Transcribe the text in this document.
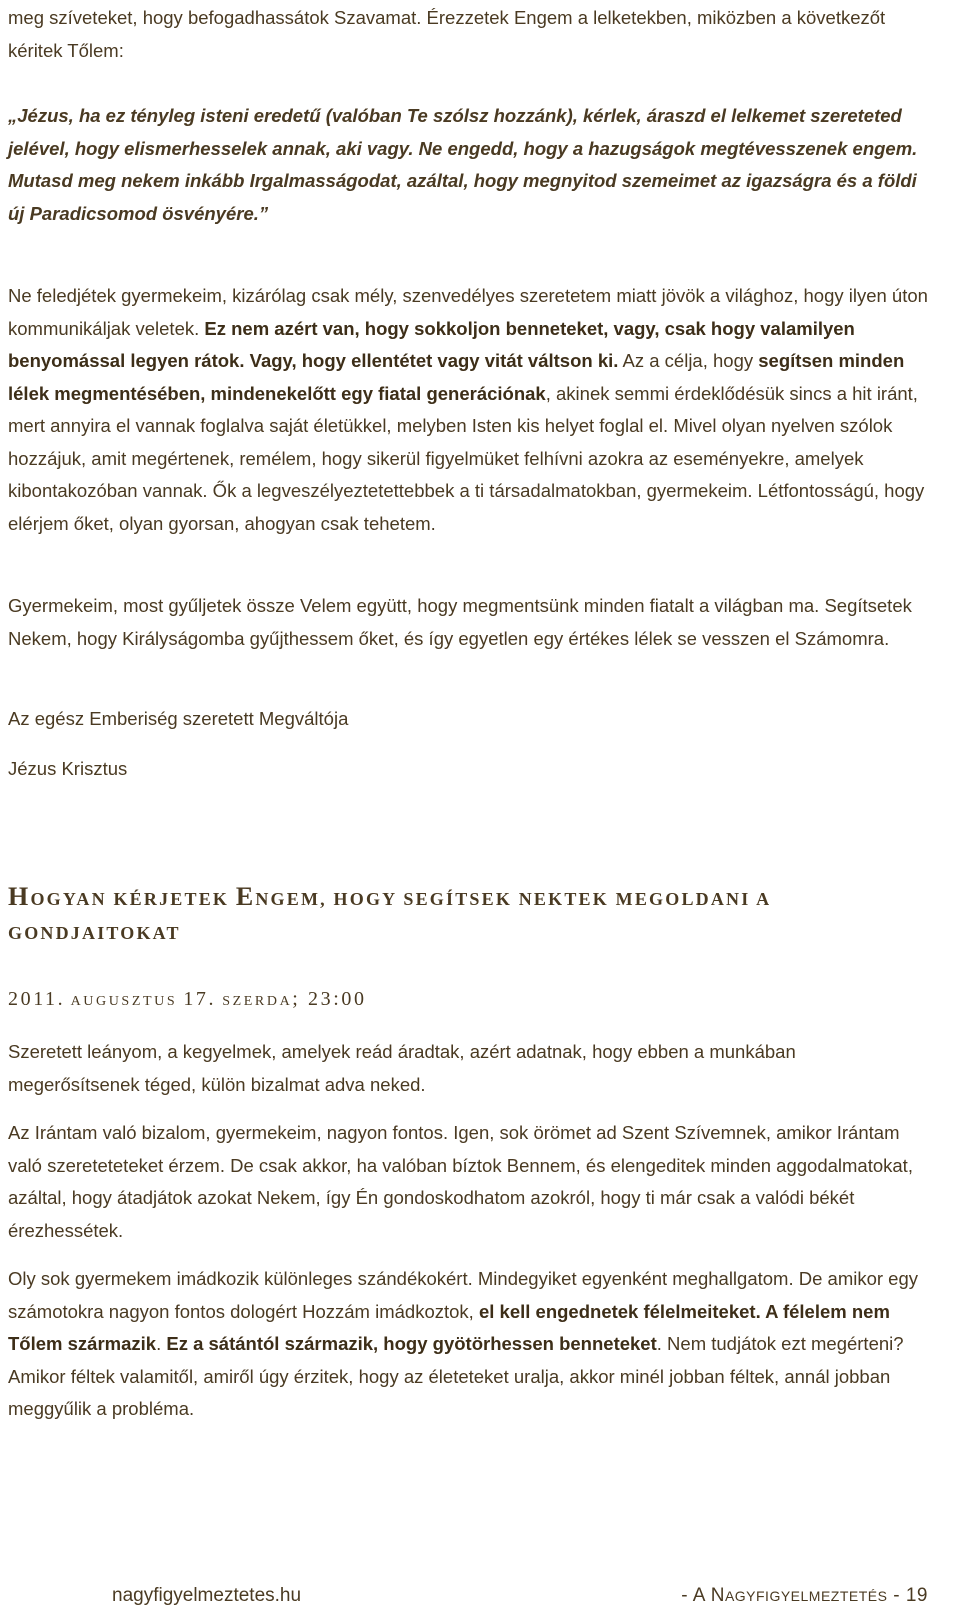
meg szíveteket, hogy befogadhassátok Szavamat. Érezzetek Engem a lelketekben, miközben a következőt kéritek Tőlem:

„Jézus, ha ez tényleg isteni eredetű (valóban Te szólsz hozzánk), kérlek, áraszd el lelkemet szereteted jelével, hogy elismerhesselek annak, aki vagy. Ne engedd, hogy a hazugságok megtévesszenek engem. Mutasd meg nekem inkább Irgalmasságodat, azáltal, hogy megnyitod szemeimet az igazságra és a földi új Paradicsomod ösvényére.”

Ne feledjétek gyermekeim, kizárólag csak mély, szenvedélyes szeretetem miatt jövök a világhoz, hogy ilyen úton kommunikáljak veletek. Ez nem azért van, hogy sokkoljon benneteket, vagy, csak hogy valamilyen benyomással legyen rátok. Vagy, hogy ellentétet vagy vitát váltson ki. Az a célja, hogy segítsen minden lélek megmentésében, mindenekelőtt egy fiatal generációnak, akinek semmi érdeklődésük sincs a hit iránt, mert annyira el vannak foglalva saját életükkel, melyben Isten kis helyet foglal el. Mivel olyan nyelven szólok hozzájuk, amit megértenek, remélem, hogy sikerül figyelmüket felhívni azokra az eseményekre, amelyek kibontakozóban vannak. Ők a legveszélyeztetettebbek a ti társadalmatokban, gyermekeim. Létfontosságú, hogy elérjem őket, olyan gyorsan, ahogyan csak tehetem.

Gyermekeim, most gyűljetek össze Velem együtt, hogy megmentsünk minden fiatalt a világban ma. Segítsetek Nekem, hogy Királyságomba gyűjthessem őket, és így egyetlen egy értékes lélek se vesszen el Számomra.

Az egész Emberiség szeretett Megváltója

Jézus Krisztus

HOGYAN KÉRJETEK ENGEM, HOGY SEGÍTSEK NEKTEK MEGOLDANI A GONDJAITOKAT

2011. AUGUSZTUS 17. SZERDA; 23:00

Szeretett leányom, a kegyelmek, amelyek reád áradtak, azért adatnak, hogy ebben a munkában megerősítsenek téged, külön bizalmat adva neked.

Az Irántam való bizalom, gyermekeim, nagyon fontos. Igen, sok örömet ad Szent Szívemnek, amikor Irántam való szereteteteket érzem. De csak akkor, ha valóban bíztok Bennem, és elengeditek minden aggodalmatokat, azáltal, hogy átadjátok azokat Nekem, így Én gondoskodhatom azokról, hogy ti már csak a valódi békét érezhessétek.

Oly sok gyermekem imádkozik különleges szándékokért. Mindegyiket egyenként meghallgatom. De amikor egy számotokra nagyon fontos dologért Hozzám imádkoztok, el kell engednetek félelmeiteket. A félelem nem Tőlem származik. Ez a sátántól származik, hogy gyötörhessen benneteket. Nem tudjátok ezt megérteni? Amikor féltek valamitől, amiről úgy érzitek, hogy az életeteket uralja, akkor minél jobban féltek, annál jobban meggyűlik a probléma.

nagyfigyelmeztetes.hu	- A NAGYFIGYELMEZTETÉS - 19
